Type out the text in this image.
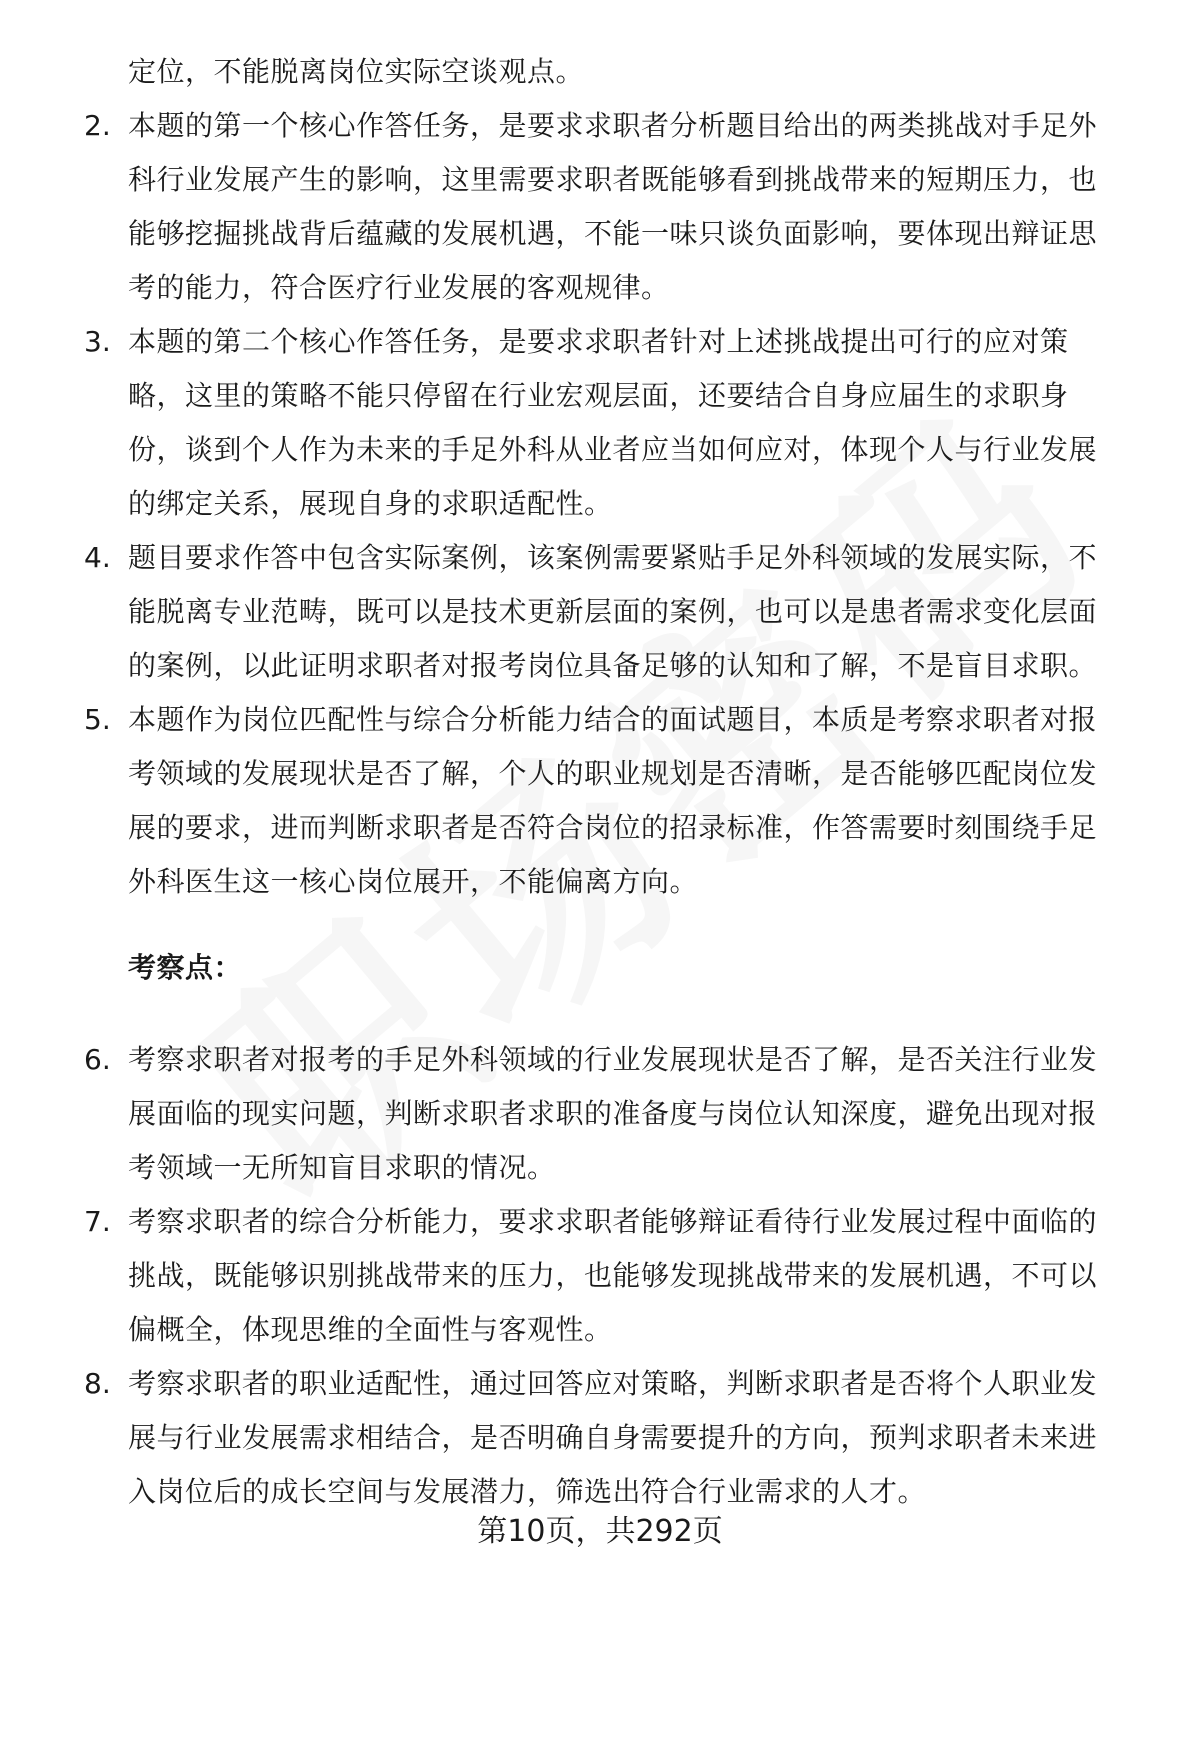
定位，不能脱离岗位实际空谈观点。
2. 本题的第一个核心作答任务，是要求求职者分析题目给出的两类挑战对手足外
科行业发展产生的影响，这里需要求职者既能够看到挑战带来的短期压力，也
能够挖掘挑战背后蕴藏的发展机遇，不能一味只谈负面影响，要体现出辩证思
考的能力，符合医疗行业发展的客观规律。
3. 本题的第二个核心作答任务，是要求求职者针对上述挑战提出可行的应对策
略，这里的策略不能只停留在行业宏观层面，还要结合自身应届生的求职身
份，谈到个人作为未来的手足外科从业者应当如何应对，体现个人与行业发展
的绑定关系，展现自身的求职适配性。
4. 题目要求作答中包含实际案例，该案例需要紧贴手足外科领域的发展实际，不
能脱离专业范畴，既可以是技术更新层面的案例，也可以是患者需求变化层面
的案例，以此证明求职者对报考岗位具备足够的认知和了解，不是盲目求职。
5. 本题作为岗位匹配性与综合分析能力结合的面试题目，本质是考察求职者对报
考领域的发展现状是否了解，个人的职业规划是否清晰，是否能够匹配岗位发
展的要求，进而判断求职者是否符合岗位的招录标准，作答需要时刻围绕手足
外科医生这一核心岗位展开，不能偏离方向。
考察点：
6. 考察求职者对报考的手足外科领域的行业发展现状是否了解，是否关注行业发
展面临的现实问题，判断求职者求职的准备度与岗位认知深度，避免出现对报
考领域一无所知盲目求职的情况。
7. 考察求职者的综合分析能力，要求求职者能够辩证看待行业发展过程中面临的
挑战，既能够识别挑战带来的压力，也能够发现挑战带来的发展机遇，不可以
偏概全，体现思维的全面性与客观性。
8. 考察求职者的职业适配性，通过回答应对策略，判断求职者是否将个人职业发
展与行业发展需求相结合，是否明确自身需要提升的方向，预判求职者未来进
入岗位后的成长空间与发展潜力，筛选出符合行业需求的人才。
第10页，共292页
